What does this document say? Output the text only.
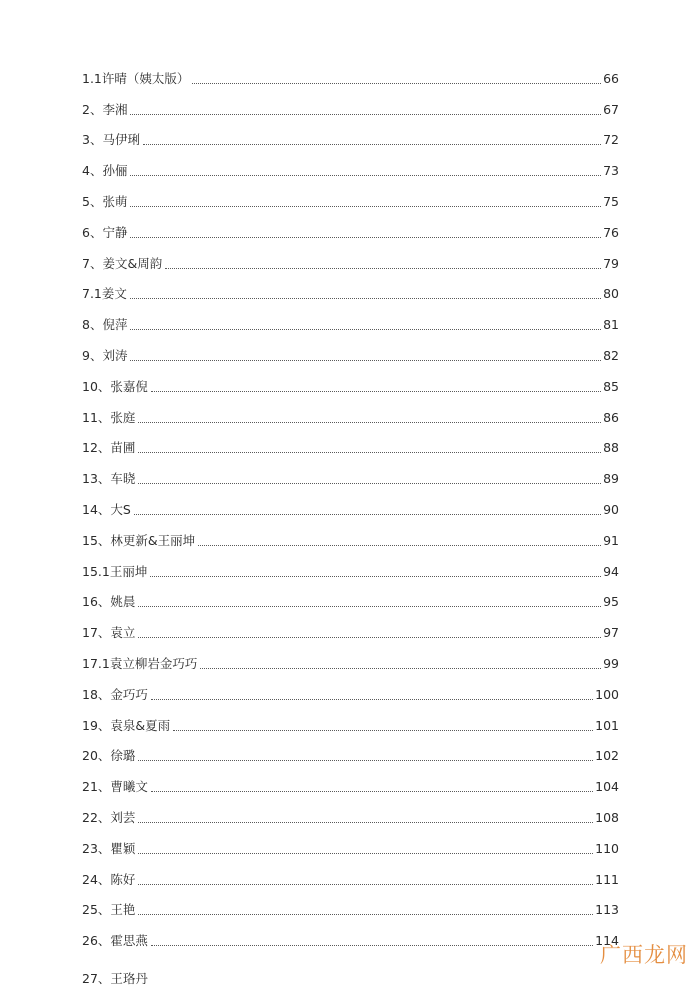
1.1许晴（姨太版）	66
2、李湘	67
3、马伊琍	72
4、孙俪	73
5、张萌	75
6、宁静	76
7、姜文&周韵	79
7.1姜文	80
8、倪萍	81
9、刘涛	82
10、张嘉倪	85
11、张庭	86
12、苗圃	88
13、车晓	89
14、大S	90
15、林更新&王丽坤	91
15.1王丽坤	94
16、姚晨	95
17、袁立	97
17.1袁立柳岩金巧巧	99
18、金巧巧	100
19、袁泉&夏雨	101
20、徐璐	102
21、曹曦文	104
22、刘芸	108
23、瞿颖	110
24、陈好	111
25、王艳	113
26、霍思燕	114
27、王珞丹
广西龙网
